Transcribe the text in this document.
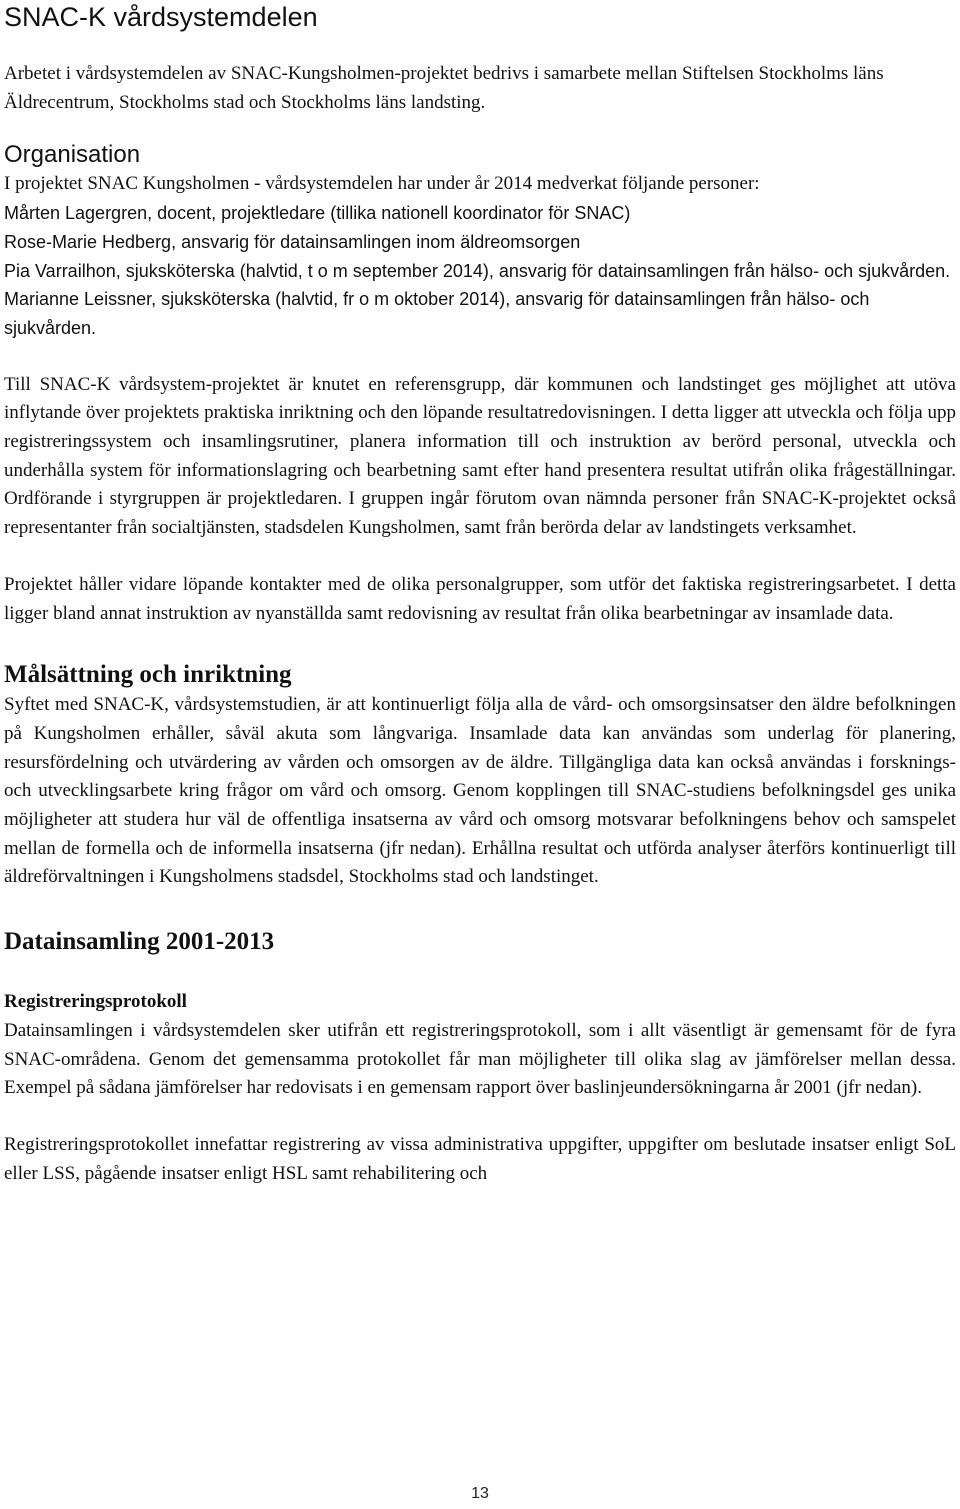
SNAC-K vårdsystemdelen

Arbetet i vårdsystemdelen av SNAC-Kungsholmen-projektet bedrivs i samarbete mellan Stiftelsen Stockholms läns Äldrecentrum, Stockholms stad och Stockholms läns landsting.

Organisation

I projektet SNAC Kungsholmen - vårdsystemdelen har under år 2014 medverkat följande personer:

Mårten Lagergren, docent, projektledare (tillika nationell koordinator för SNAC)

Rose-Marie Hedberg, ansvarig för datainsamlingen inom äldreomsorgen

Pia Varrailhon, sjuksköterska (halvtid, t o m september 2014), ansvarig för datainsamlingen från hälso- och sjukvården.

Marianne Leissner, sjuksköterska (halvtid, fr o m oktober 2014), ansvarig för datainsamlingen från hälso- och sjukvården.

Till SNAC-K vårdsystem-projektet är knutet en referensgrupp, där kommunen och landstinget ges möjlighet att utöva inflytande över projektets praktiska inriktning och den löpande resultatredovisningen. I detta ligger att utveckla och följa upp registreringssystem och insamlingsrutiner, planera information till och instruktion av berörd personal, utveckla och underhålla system för informationslagring och bearbetning samt efter hand presentera resultat utifrån olika frågeställningar. Ordförande i styrgruppen är projektledaren. I gruppen ingår förutom ovan nämnda personer från SNAC-K-projektet också representanter från socialtjänsten, stadsdelen Kungsholmen, samt från berörda delar av landstingets verksamhet.

Projektet håller vidare löpande kontakter med de olika personalgrupper, som utför det faktiska registreringsarbetet. I detta ligger bland annat instruktion av nyanställda samt redovisning av resultat från olika bearbetningar av insamlade data.

Målsättning och inriktning

Syftet med SNAC-K, vårdsystemstudien, är att kontinuerligt följa alla de vård- och omsorgsinsatser den äldre befolkningen på Kungsholmen erhåller, såväl akuta som långvariga. Insamlade data kan användas som underlag för planering, resursfördelning och utvärdering av vården och omsorgen av de äldre. Tillgängliga data kan också användas i forsknings- och utvecklingsarbete kring frågor om vård och omsorg. Genom kopplingen till SNAC-studiens befolkningsdel ges unika möjligheter att studera hur väl de offentliga insatserna av vård och omsorg motsvarar befolkningens behov och samspelet mellan de formella och de informella insatserna (jfr nedan). Erhållna resultat och utförda analyser återförs kontinuerligt till äldreförvaltningen i Kungsholmens stadsdel, Stockholms stad och landstinget.

Datainsamling 2001-2013
Registreringsprotokoll

Datainsamlingen i vårdsystemdelen sker utifrån ett registreringsprotokoll, som i allt väsentligt är gemensamt för de fyra SNAC-områdena. Genom det gemensamma protokollet får man möjligheter till olika slag av jämförelser mellan dessa. Exempel på sådana jämförelser har redovisats i en gemensam rapport över baslinjeundersökningarna år 2001 (jfr nedan).

Registreringsprotokollet innefattar registrering av vissa administrativa uppgifter, uppgifter om beslutade insatser enligt SoL eller LSS, pågående insatser enligt HSL samt rehabilitering och

13
